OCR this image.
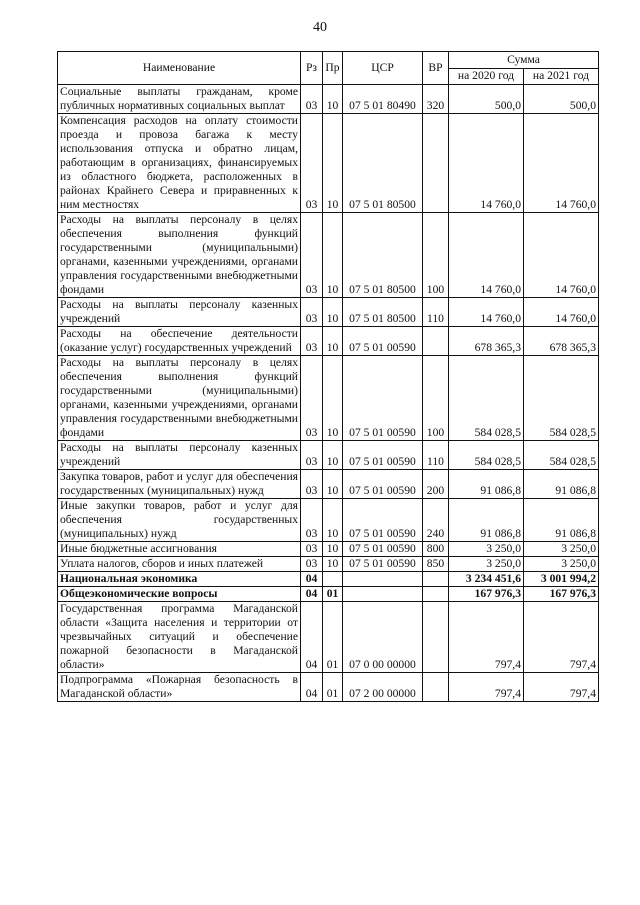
40
Наименование	Рз	Пр	ЦСР	ВР	Сумма	
					на 2020 год	на 2021 год
Социальные выплаты гражданам, кроме публичных нормативных социальных выплат	03	10	07 5 01 80490	320	500,0	500,0
Компенсация расходов на оплату стоимости проезда и провоза багажа к месту использования отпуска и обратно лицам, работающим в организациях, финансируемых из областного бюджета, расположенных в районах Крайнего Севера и приравненных к ним местностях	03	10	07 5 01 80500		14 760,0	14 760,0
Расходы на выплаты персоналу в целях обеспечения выполнения функций государственными (муниципальными) органами, казенными учреждениями, органами управления государственными внебюджетными фондами	03	10	07 5 01 80500	100	14 760,0	14 760,0
Расходы на выплаты персоналу казенных учреждений	03	10	07 5 01 80500	110	14 760,0	14 760,0
Расходы на обеспечение деятельности (оказание услуг) государственных учреждений	03	10	07 5 01 00590		678 365,3	678 365,3
Расходы на выплаты персоналу в целях обеспечения выполнения функций государственными (муниципальными) органами, казенными учреждениями, органами управления государственными внебюджетными фондами	03	10	07 5 01 00590	100	584 028,5	584 028,5
Расходы на выплаты персоналу казенных учреждений	03	10	07 5 01 00590	110	584 028,5	584 028,5
Закупка товаров, работ и услуг для обеспечения государственных (муниципальных) нужд	03	10	07 5 01 00590	200	91 086,8	91 086,8
Иные закупки товаров, работ и услуг для обеспечения государственных (муниципальных) нужд	03	10	07 5 01 00590	240	91 086,8	91 086,8
Иные бюджетные ассигнования	03	10	07 5 01 00590	800	3 250,0	3 250,0
Уплата налогов, сборов и иных платежей	03	10	07 5 01 00590	850	3 250,0	3 250,0
Национальная экономика	04				3 234 451,6	3 001 994,2
Общеэкономические вопросы	04	01			167 976,3	167 976,3
Государственная программа Магаданской области «Защита населения и территории от чрезвычайных ситуаций и обеспечение пожарной безопасности в Магаданской области»	04	01	07 0 00 00000		797,4	797,4
Подпрограмма «Пожарная безопасность в Магаданской области»	04	01	07 2 00 00000		797,4	797,4
